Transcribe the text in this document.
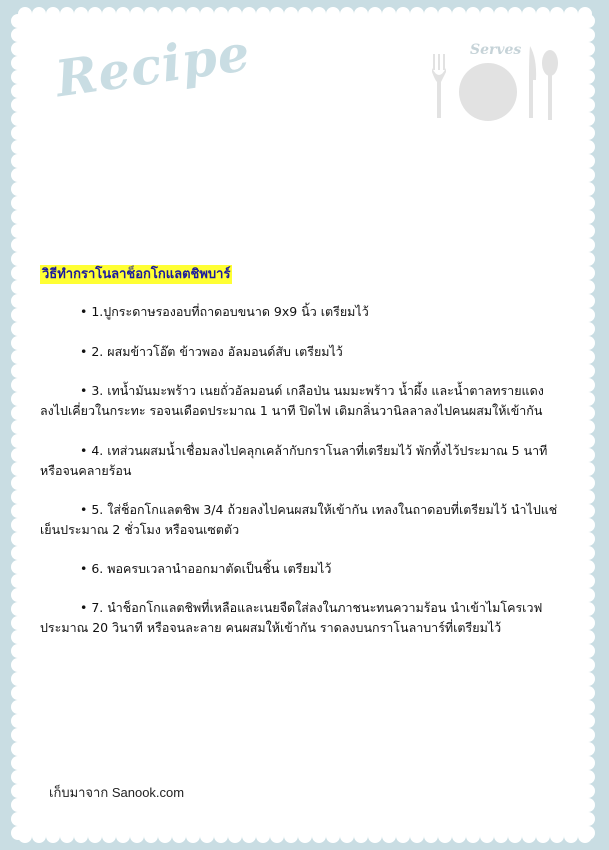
Recipe	Serves
วิธีทำกราโนลาช็อกโกแลตชิพบาร์

• 1.ปูกระดาษรองอบที่ถาดอบขนาด 9x9 นิ้ว เตรียมไว้

• 2. ผสมข้าวโอ๊ต ข้าวพอง อัลมอนด์สับ เตรียมไว้

• 3. เทน้ำมันมะพร้าว เนยถั่วอัลมอนด์ เกลือป่น นมมะพร้าว น้ำผึ้ง และน้ำตาลทรายแดง ลงไปเคี่ยวในกระทะ รอจนเดือดประมาณ 1 นาที ปิดไฟ เติมกลิ่นวานิลลาลงไปคนผสมให้เข้ากัน

• 4. เทส่วนผสมน้ำเชื่อมลงไปคลุกเคล้ากับกราโนลาที่เตรียมไว้ พักทิ้งไว้ประมาณ 5 นาที หรือจนคลายร้อน

• 5. ใส่ช็อกโกแลตชิพ 3/4 ถ้วยลงไปคนผสมให้เข้ากัน เทลงในถาดอบที่เตรียมไว้ นำไปแช่เย็นประมาณ 2 ชั่วโมง หรือจนเซตตัว

• 6. พอครบเวลานำออกมาตัดเป็นชิ้น เตรียมไว้

• 7. นำช็อกโกแลตชิพที่เหลือและเนยจืดใส่ลงในภาชนะทนความร้อน นำเข้าไมโครเวฟประมาณ 20 วินาที หรือจนละลาย คนผสมให้เข้ากัน ราดลงบนกราโนลาบาร์ที่เตรียมไว้

เก็บมาจาก Sanook.com
